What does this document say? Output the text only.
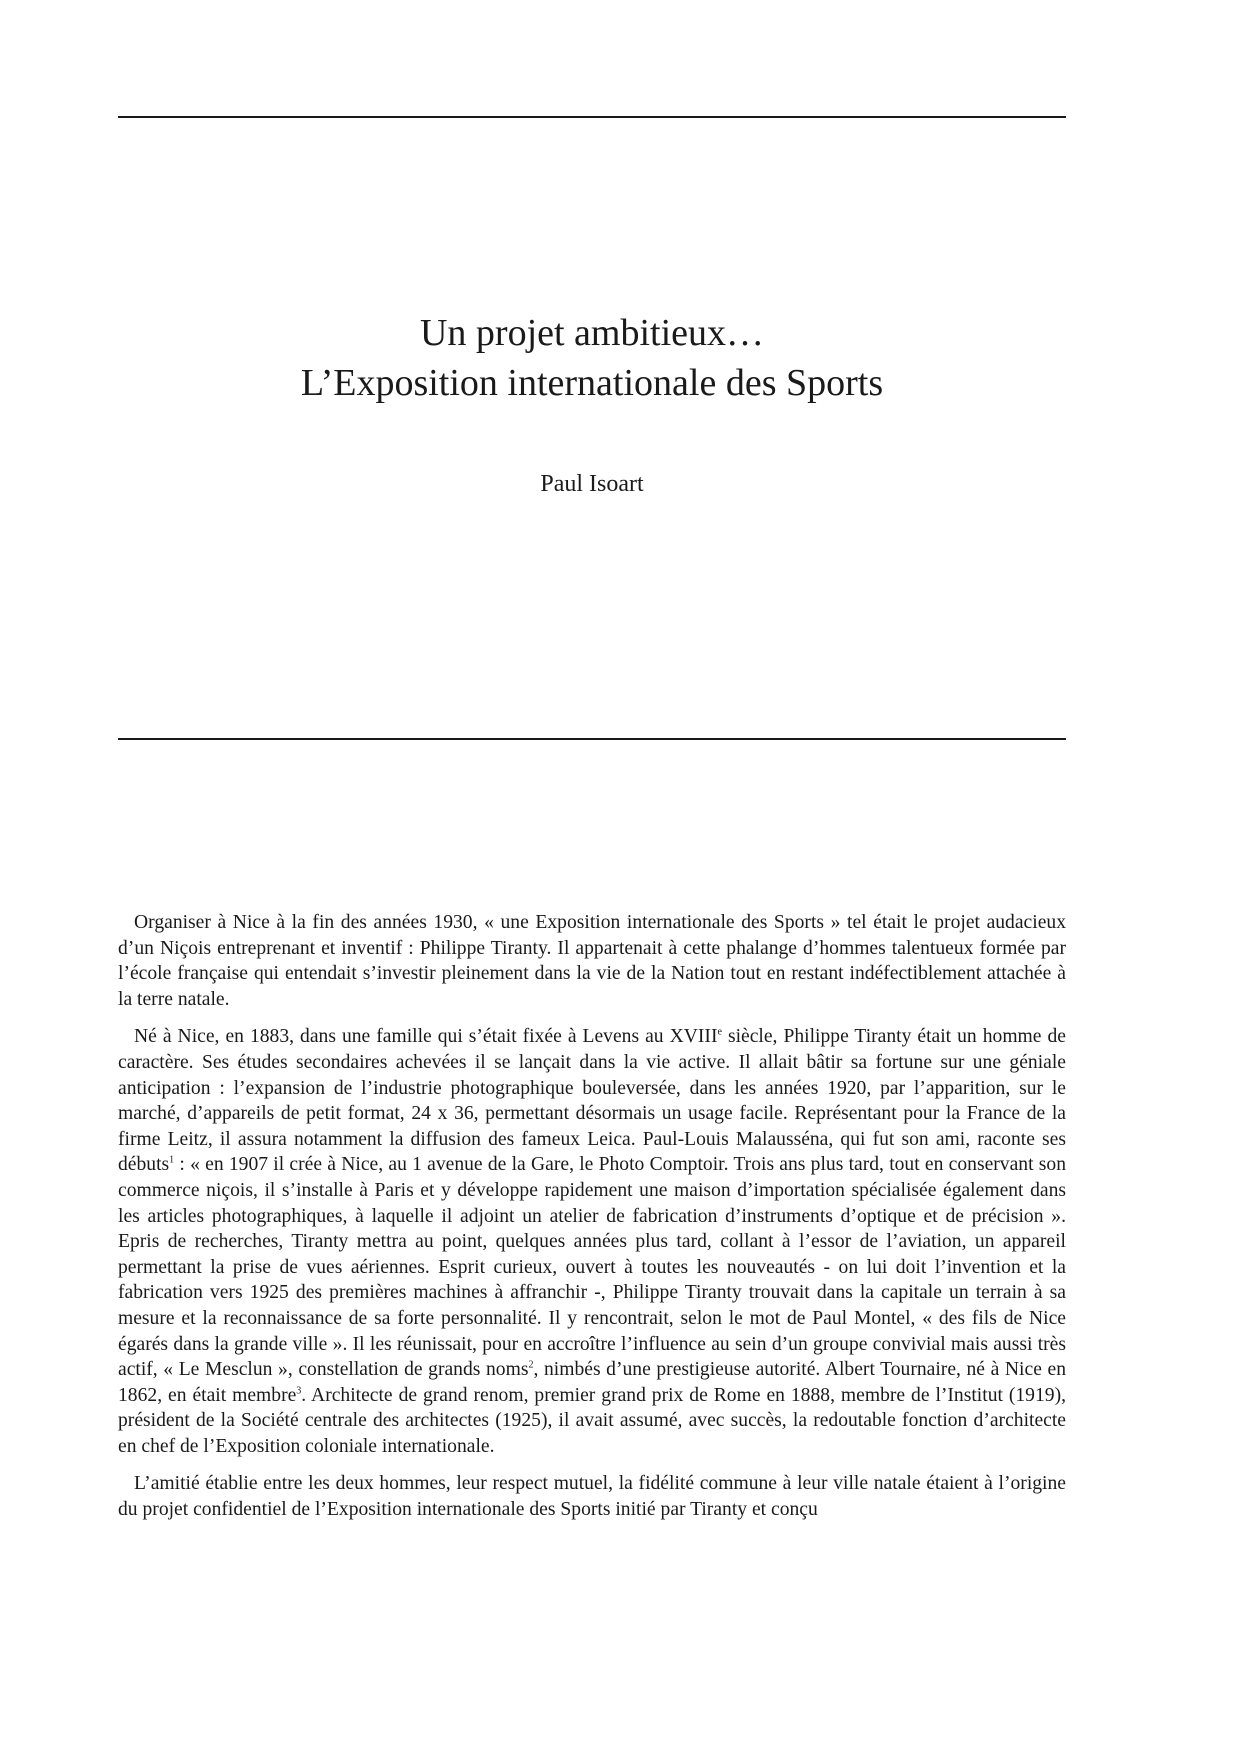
Un projet ambitieux…
L’Exposition internationale des Sports
Paul Isoart

Organiser à Nice à la fin des années 1930, « une Exposition internationale des Sports » tel était le projet audacieux d’un Niçois entreprenant et inventif : Philippe Tiranty. Il appartenait à cette phalange d’hommes talentueux formée par l’école française qui entendait s’investir pleinement dans la vie de la Nation tout en restant indéfectiblement attachée à la terre natale.

Né à Nice, en 1883, dans une famille qui s’était fixée à Levens au XVIIIe siècle, Philippe Tiranty était un homme de caractère. Ses études secondaires achevées il se lançait dans la vie active. Il allait bâtir sa fortune sur une géniale anticipation : l’expansion de l’industrie photographique bouleversée, dans les années 1920, par l’apparition, sur le marché, d’appareils de petit format, 24 x 36, permettant désormais un usage facile. Représentant pour la France de la firme Leitz, il assura notamment la diffusion des fameux Leica. Paul-Louis Malausséna, qui fut son ami, raconte ses débuts$^1$ : « en 1907 il crée à Nice, au 1 avenue de la Gare, le Photo Comptoir. Trois ans plus tard, tout en conservant son commerce niçois, il s’installe à Paris et y développe rapidement une maison d’importation spécialisée également dans les articles photographiques, à laquelle il adjoint un atelier de fabrication d’instruments d’optique et de précision ». Epris de recherches, Tiranty mettra au point, quelques années plus tard, collant à l’essor de l’aviation, un appareil permettant la prise de vues aériennes. Esprit curieux, ouvert à toutes les nouveautés - on lui doit l’invention et la fabrication vers 1925 des premières machines à affranchir -, Philippe Tiranty trouvait dans la capitale un terrain à sa mesure et la reconnaissance de sa forte personnalité. Il y rencontrait, selon le mot de Paul Montel, « des fils de Nice égarés dans la grande ville ». Il les réunissait, pour en accroître l’influence au sein d’un groupe convivial mais aussi très actif, « Le Mesclun », constellation de grands noms$^2$, nimbés d’une prestigieuse autorité. Albert Tournaire, né à Nice en 1862, en était membre$^3$. Architecte de grand renom, premier grand prix de Rome en 1888, membre de l’Institut (1919), président de la Société centrale des architectes (1925), il avait assumé, avec succès, la redoutable fonction d’architecte en chef de l’Exposition coloniale internationale.

L’amitié établie entre les deux hommes, leur respect mutuel, la fidélité commune à leur ville natale étaient à l’origine du projet confidentiel de l’Exposition internationale des Sports initié par Tiranty et conçu
